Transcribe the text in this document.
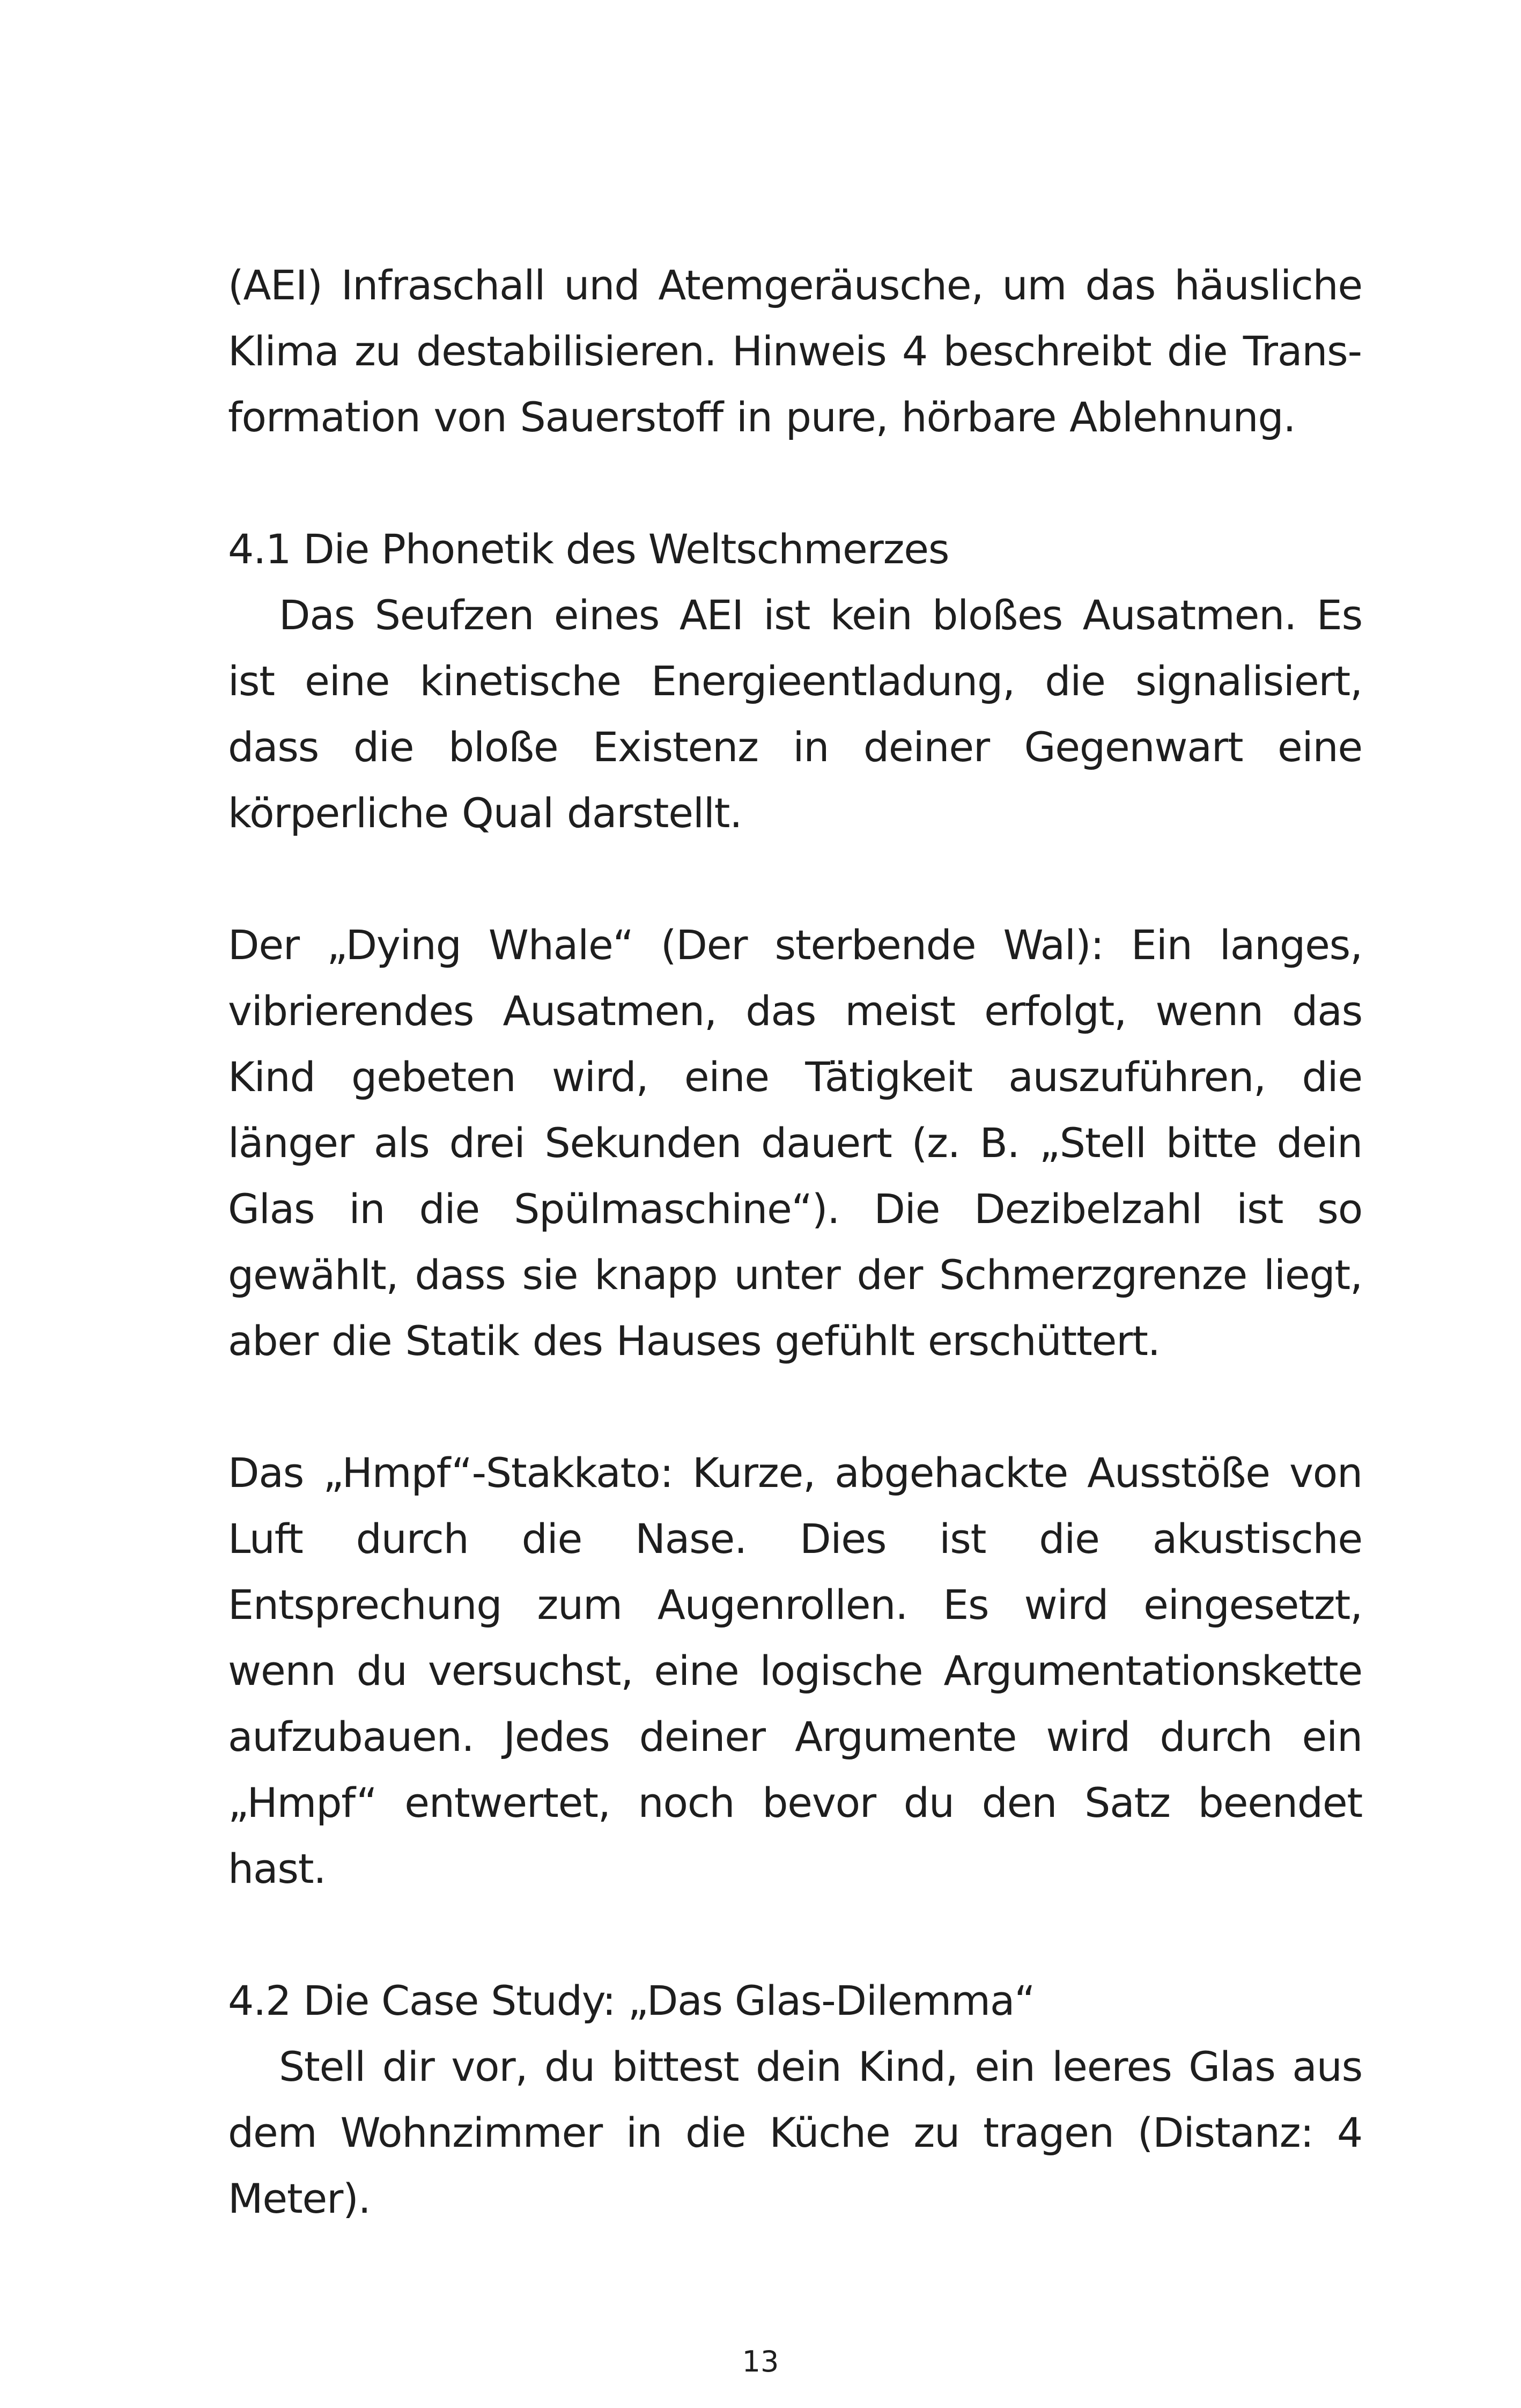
(AEI) Infraschall und Atemgeräusche, um das häusliche Klima zu destabilisieren. Hinweis 4 beschreibt die Transformation von Sauerstoff in pure, hörbare Ablehnung.

4.1 Die Phonetik des Weltschmerzes

Das Seufzen eines AEI ist kein bloßes Ausatmen. Es ist eine kinetische Energieentladung, die signalisiert, dass die bloße Existenz in deiner Gegenwart eine körperliche Qual darstellt.

Der „Dying Whale“ (Der sterbende Wal): Ein langes, vibrierendes Ausatmen, das meist erfolgt, wenn das Kind gebeten wird, eine Tätigkeit auszuführen, die länger als drei Sekunden dauert (z. B. „Stell bitte dein Glas in die Spülmaschine“). Die Dezibelzahl ist so gewählt, dass sie knapp unter der Schmerzgrenze liegt, aber die Statik des Hauses gefühlt erschüttert.

Das „Hmpf“-Stakkato: Kurze, abgehackte Ausstöße von Luft durch die Nase. Dies ist die akustische Entsprechung zum Augenrollen. Es wird eingesetzt, wenn du versuchst, eine logische Argumentationskette aufzubauen. Jedes deiner Argumente wird durch ein „Hmpf“ entwertet, noch bevor du den Satz beendet hast.

4.2 Die Case Study: „Das Glas-Dilemma“

Stell dir vor, du bittest dein Kind, ein leeres Glas aus dem Wohnzimmer in die Küche zu tragen (Distanz: 4 Meter).

13
